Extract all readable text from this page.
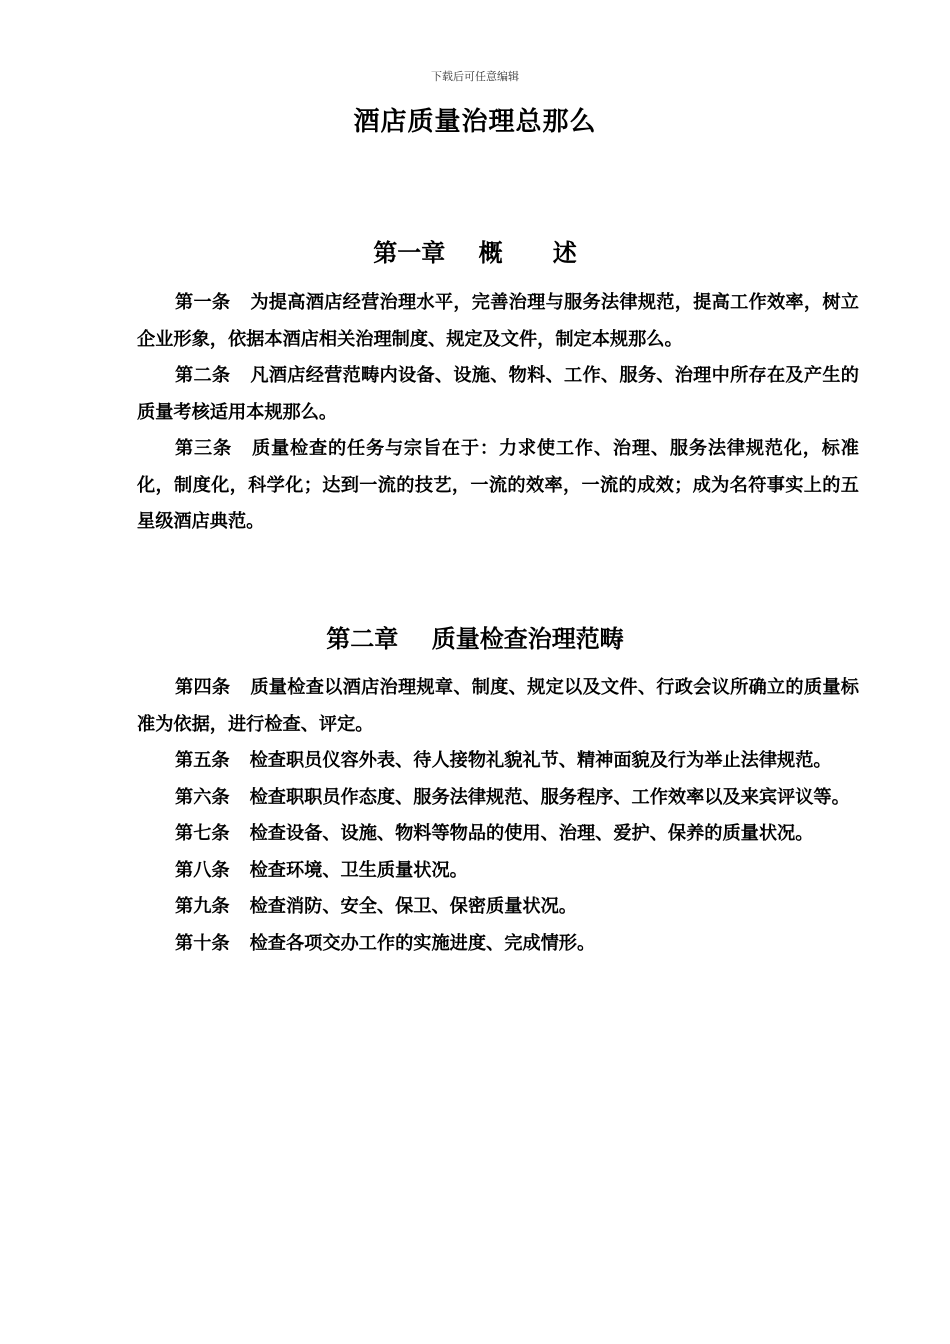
下载后可任意编辑
酒店质量治理总那么
第一章    概      述
第一条 为提高酒店经营治理水平，完善治理与服务法律规范，提高工作效率，树立企业形象，依据本酒店相关治理制度、规定及文件，制定本规那么。
第二条 凡酒店经营范畴内设备、设施、物料、工作、服务、治理中所存在及产生的质量考核适用本规那么。
第三条 质量检查的任务与宗旨在于：力求使工作、治理、服务法律规范化，标准化，制度化，科学化；达到一流的技艺，一流的效率，一流的成效；成为名符事实上的五星级酒店典范。
第二章    质量检查治理范畴
第四条 质量检查以酒店治理规章、制度、规定以及文件、行政会议所确立的质量标准为依据，进行检查、评定。
第五条 检查职员仪容外表、待人接物礼貌礼节、精神面貌及行为举止法律规范。
第六条 检查职职员作态度、服务法律规范、服务程序、工作效率以及来宾评议等。
第七条 检查设备、设施、物料等物品的使用、治理、爱护、保养的质量状况。
第八条 检查环境、卫生质量状况。
第九条 检查消防、安全、保卫、保密质量状况。
第十条 检查各项交办工作的实施进度、完成情形。
